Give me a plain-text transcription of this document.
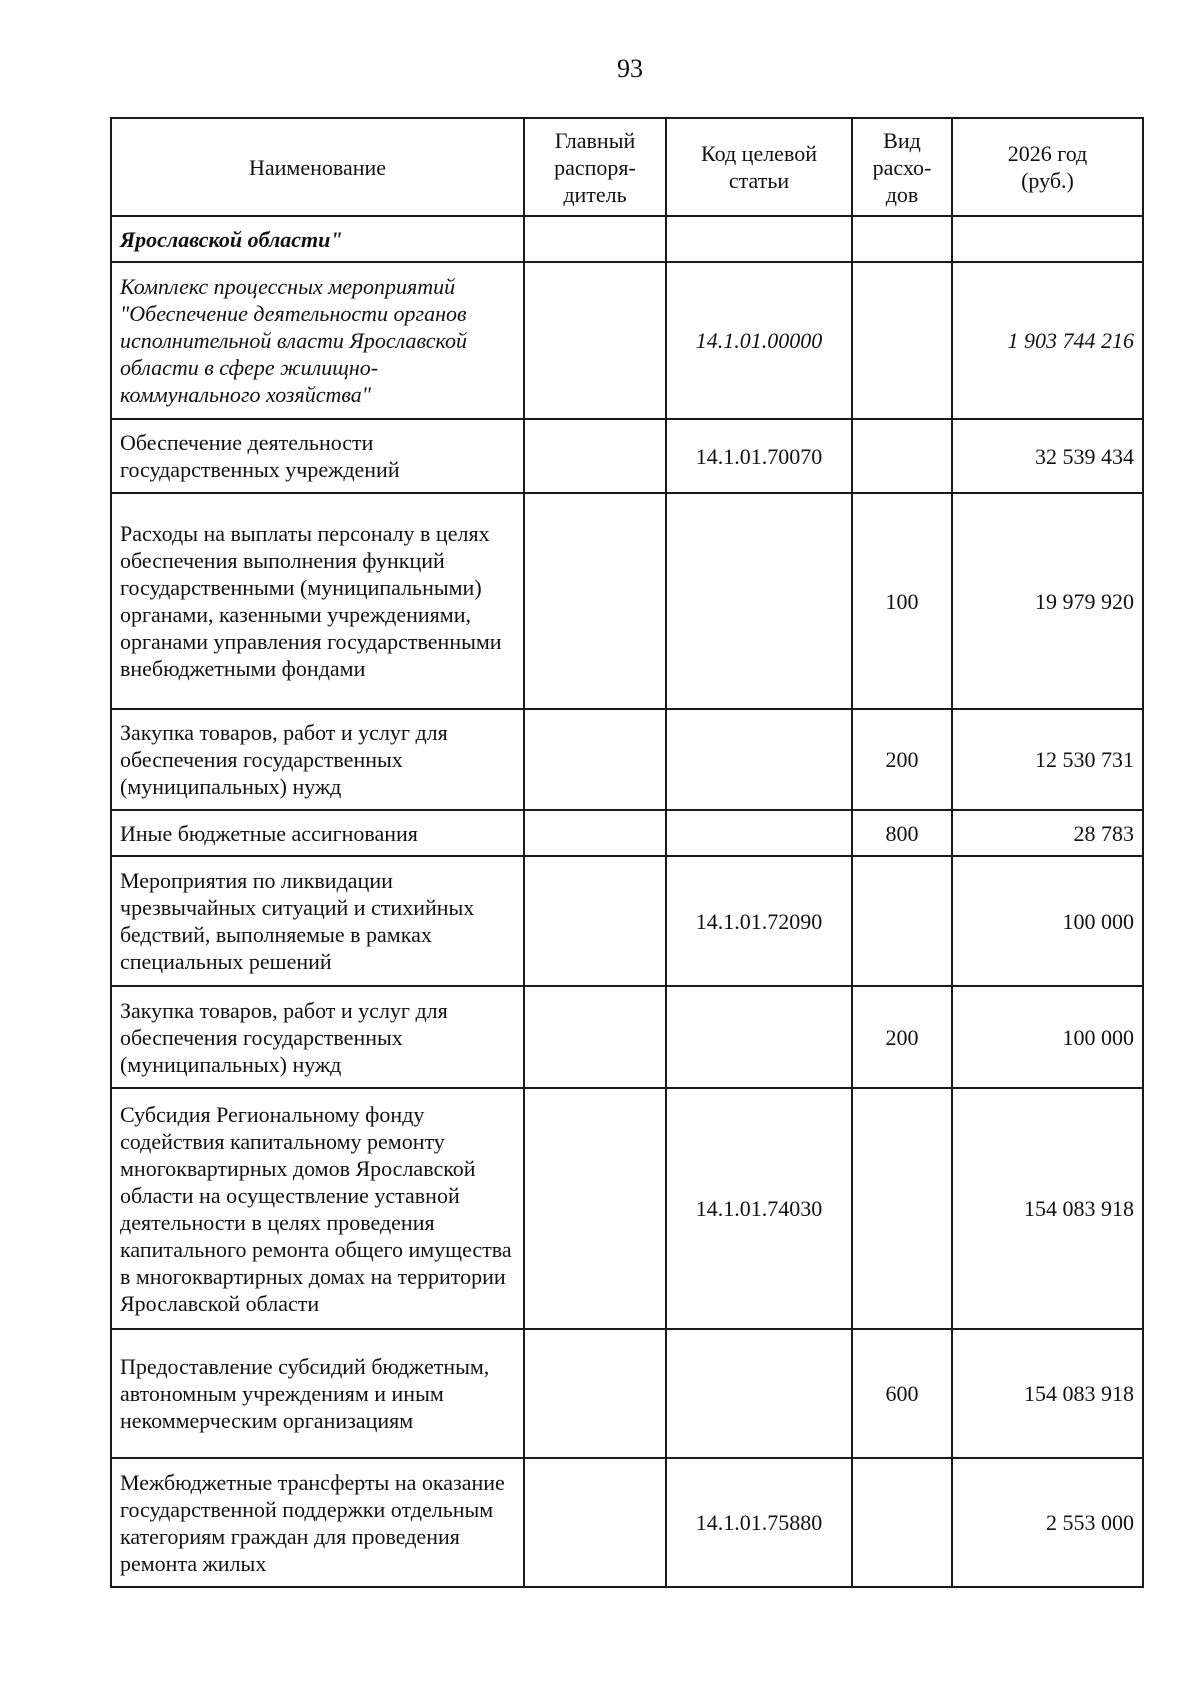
93
Наименование	Главный
распоря-
дитель	Код целевой
статьи	Вид
расхо-
дов	2026 год
(руб.)
Ярославской области"				
Комплекс процессных мероприятий "Обеспечение деятельности органов исполнительной власти Ярославской области в сфере жилищно-коммунального хозяйства"		14.1.01.00000		1 903 744 216
Обеспечение деятельности государственных учреждений		14.1.01.70070		32 539 434
Расходы на выплаты персоналу в целях обеспечения выполнения функций государственными (муниципальными) органами, казенными учреждениями, органами управления государственными внебюджетными фондами			100	19 979 920
Закупка товаров, работ и услуг для обеспечения государственных (муниципальных) нужд			200	12 530 731
Иные бюджетные ассигнования			800	28 783
Мероприятия по ликвидации чрезвычайных ситуаций и стихийных бедствий, выполняемые в рамках специальных решений		14.1.01.72090		100 000
Закупка товаров, работ и услуг для обеспечения государственных (муниципальных) нужд			200	100 000
Субсидия Региональному фонду содействия капитальному ремонту многоквартирных домов Ярославской области на осуществление уставной деятельности в целях проведения капитального ремонта общего имущества в многоквартирных домах на территории Ярославской области		14.1.01.74030		154 083 918
Предоставление субсидий бюджетным, автономным учреждениям и иным некоммерческим организациям			600	154 083 918
Межбюджетные трансферты на оказание государственной поддержки отдельным категориям граждан для проведения ремонта жилых		14.1.01.75880		2 553 000
